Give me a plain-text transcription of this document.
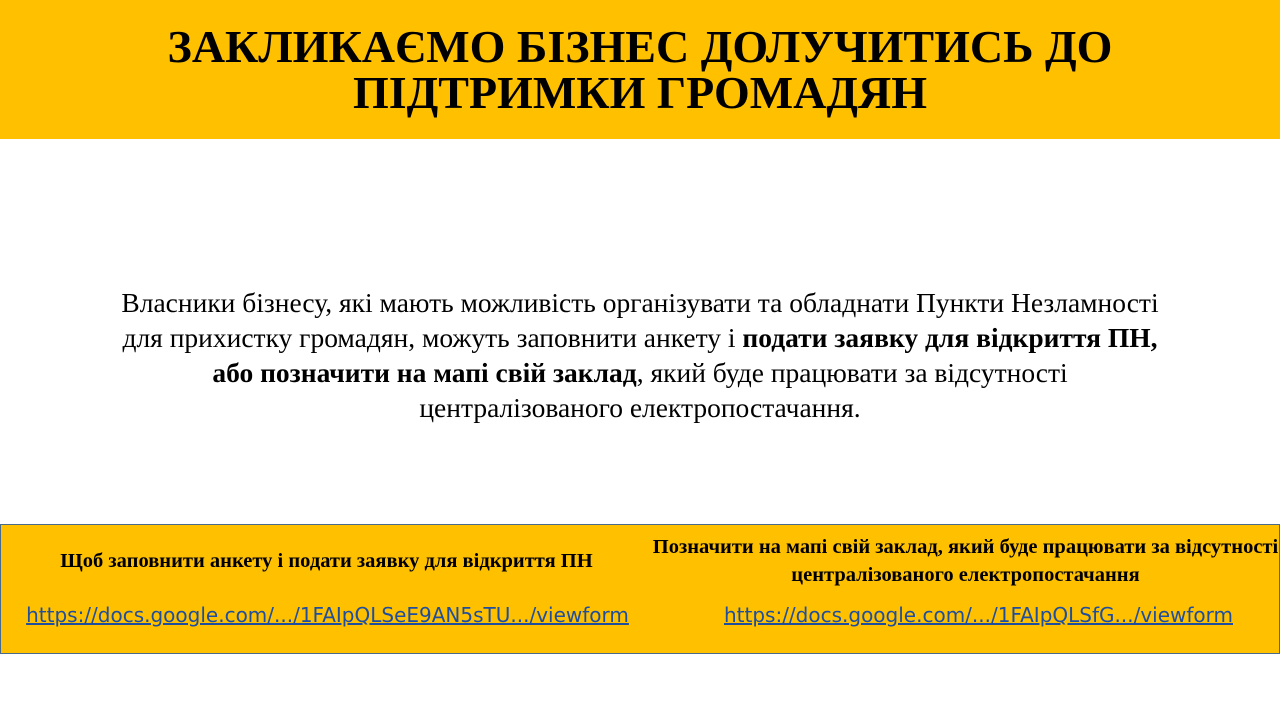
ЗАКЛИКАЄМО БІЗНЕС ДОЛУЧИТИСЬ ДО ПІДТРИМКИ ГРОМАДЯН
Власники бізнесу, які мають можливість організувати та обладнати Пункти Незламності для прихистку громадян, можуть заповнити анкету і подати заявку для відкриття ПН, або позначити на мапі свій заклад, який буде працювати за відсутності централізованого електропостачання.
Щоб заповнити анкету і подати заявку для відкриття ПН
https://docs.google.com/.../1FAIpQLSeE9AN5sTU.../viewform
Позначити на мапі свій заклад, який буде працювати за відсутності централізованого електропостачання
https://docs.google.com/.../1FAIpQLSfG.../viewform
